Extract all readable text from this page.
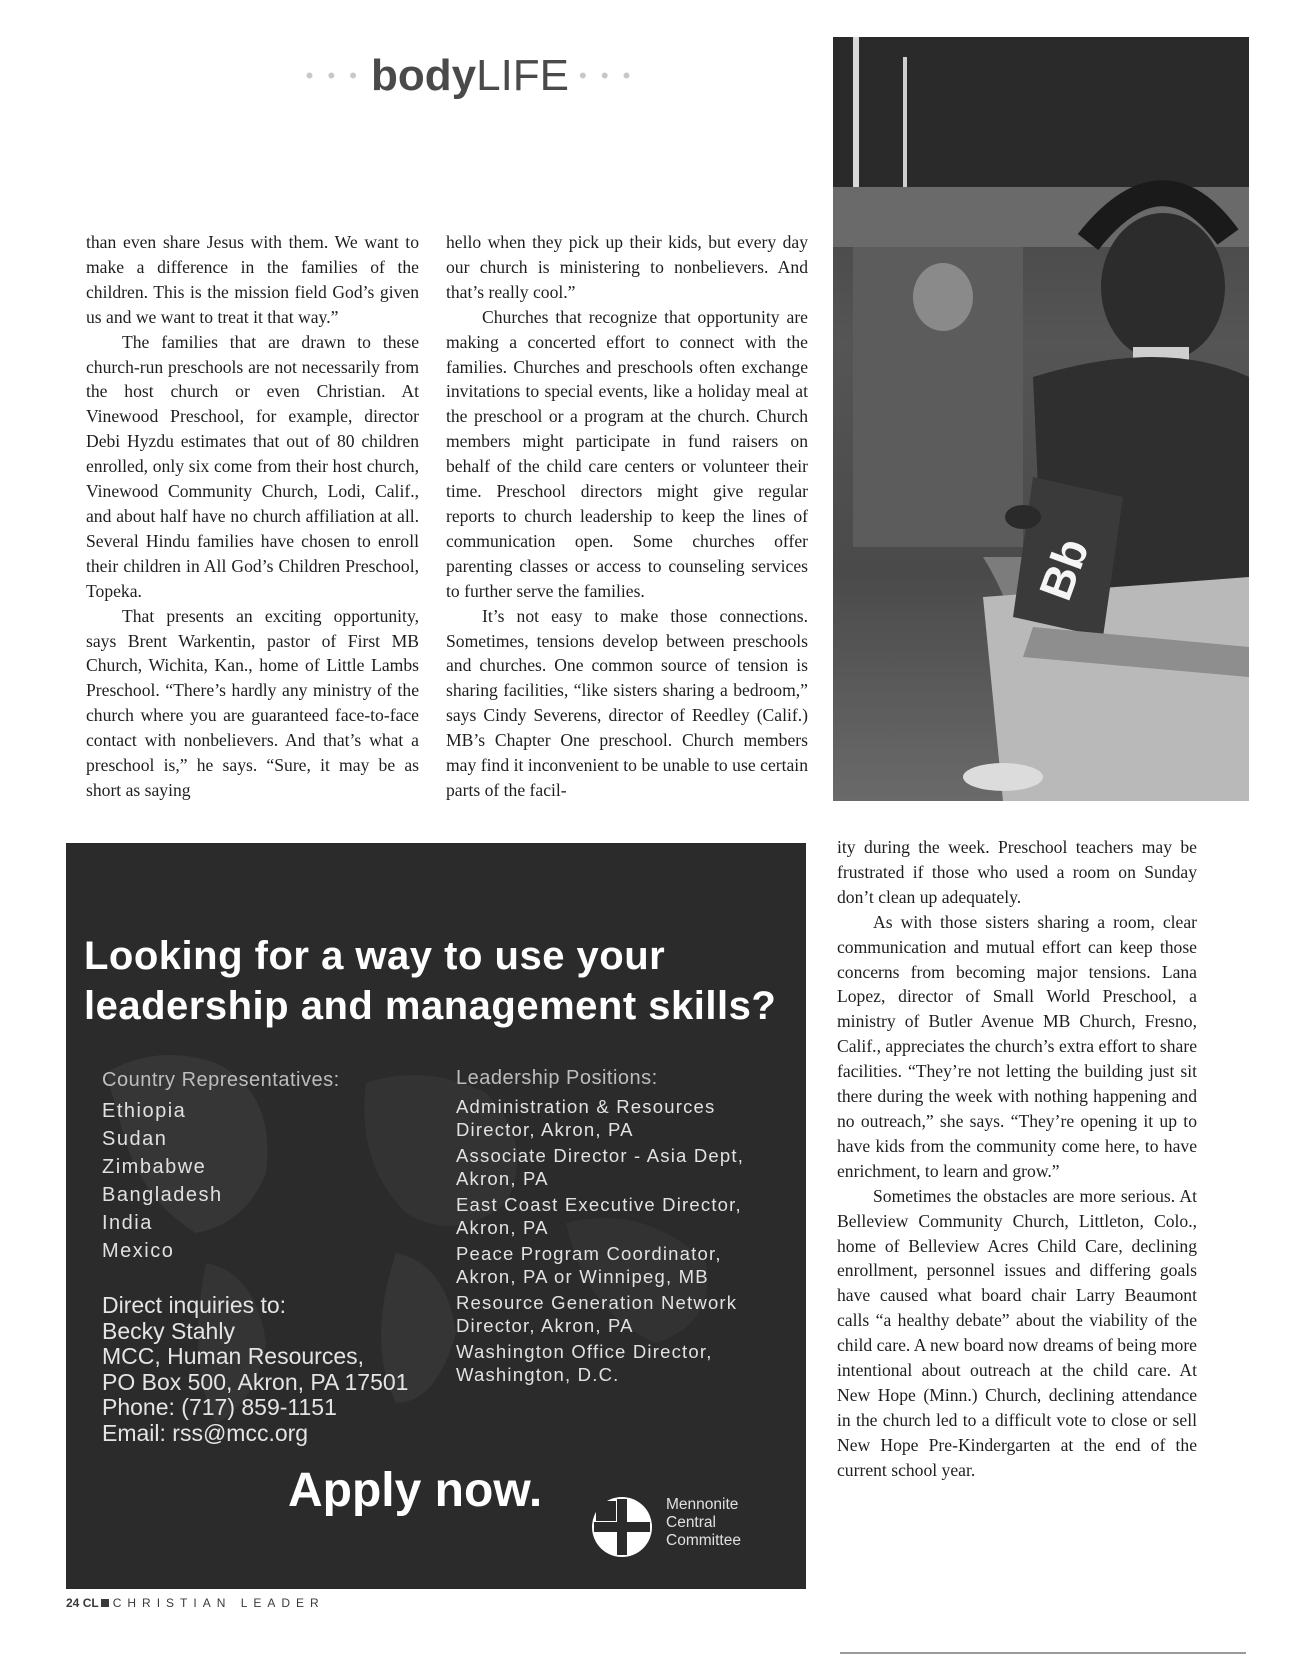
• • • body LIFE • • •

than even share Jesus with them. We want to make a difference in the families of the children. This is the mission field God’s given us and we want to treat it that way.”

The families that are drawn to these church-run preschools are not necessarily from the host church or even Christian. At Vinewood Preschool, for example, director Debi Hyzdu estimates that out of 80 children enrolled, only six come from their host church, Vinewood Community Church, Lodi, Calif., and about half have no church affiliation at all. Several Hindu families have chosen to enroll their children in All God’s Children Preschool, Topeka.

That presents an exciting opportunity, says Brent Warkentin, pastor of First MB Church, Wichita, Kan., home of Little Lambs Preschool. “There’s hardly any ministry of the church where you are guaranteed face-to-face contact with nonbelievers. And that’s what a preschool is,” he says. “Sure, it may be as short as saying

hello when they pick up their kids, but every day our church is ministering to nonbelievers. And that’s really cool.”

Churches that recognize that opportunity are making a concerted effort to connect with the families. Churches and preschools often exchange invitations to special events, like a holiday meal at the preschool or a program at the church. Church members might participate in fund raisers on behalf of the child care centers or volunteer their time. Preschool directors might give regular reports to church leadership to keep the lines of communication open. Some churches offer parenting classes or access to counseling services to further serve the families.

It’s not easy to make those connections. Sometimes, tensions develop between preschools and churches. One common source of tension is sharing facilities, “like sisters sharing a bedroom,” says Cindy Severens, director of Reedley (Calif.) MB’s Chapter One preschool. Church members may find it inconvenient to be unable to use certain parts of the facil-

Bb

ity during the week. Preschool teachers may be frustrated if those who used a room on Sunday don’t clean up adequately.

As with those sisters sharing a room, clear communication and mutual effort can keep those concerns from becoming major tensions. Lana Lopez, director of Small World Preschool, a ministry of Butler Avenue MB Church, Fresno, Calif., appreciates the church’s extra effort to share facilities. “They’re not letting the building just sit there during the week with nothing happening and no outreach,” she says. “They’re opening it up to have kids from the community come here, to have enrichment, to learn and grow.”

Sometimes the obstacles are more serious. At Belleview Community Church, Littleton, Colo., home of Belleview Acres Child Care, declining enrollment, personnel issues and differing goals have caused what board chair Larry Beaumont calls “a healthy debate” about the viability of the child care. A new board now dreams of being more intentional about outreach at the child care. At New Hope (Minn.) Church, declining attendance in the church led to a difficult vote to close or sell New Hope Pre-Kindergarten at the end of the current school year.

Looking for a way to use your
leadership and management skills?
Country Representatives:
Ethiopia
Sudan
Zimbabwe
Bangladesh
India
Mexico
Direct inquiries to:
Becky Stahly
MCC, Human Resources,
PO Box 500, Akron, PA 17501
Phone: (717) 859-1151
Email: rss@mcc.org
Leadership Positions:
Administration & Resources Director, Akron, PA
Associate Director - Asia Dept, Akron, PA
East Coast Executive Director, Akron, PA
Peace Program Coordinator, Akron, PA or Winnipeg, MB
Resource Generation Network Director, Akron, PA
Washington Office Director, Washington, D.C.
Apply now.	Mennonite
Central
Committee
24 CL CHRISTIAN LEADER
